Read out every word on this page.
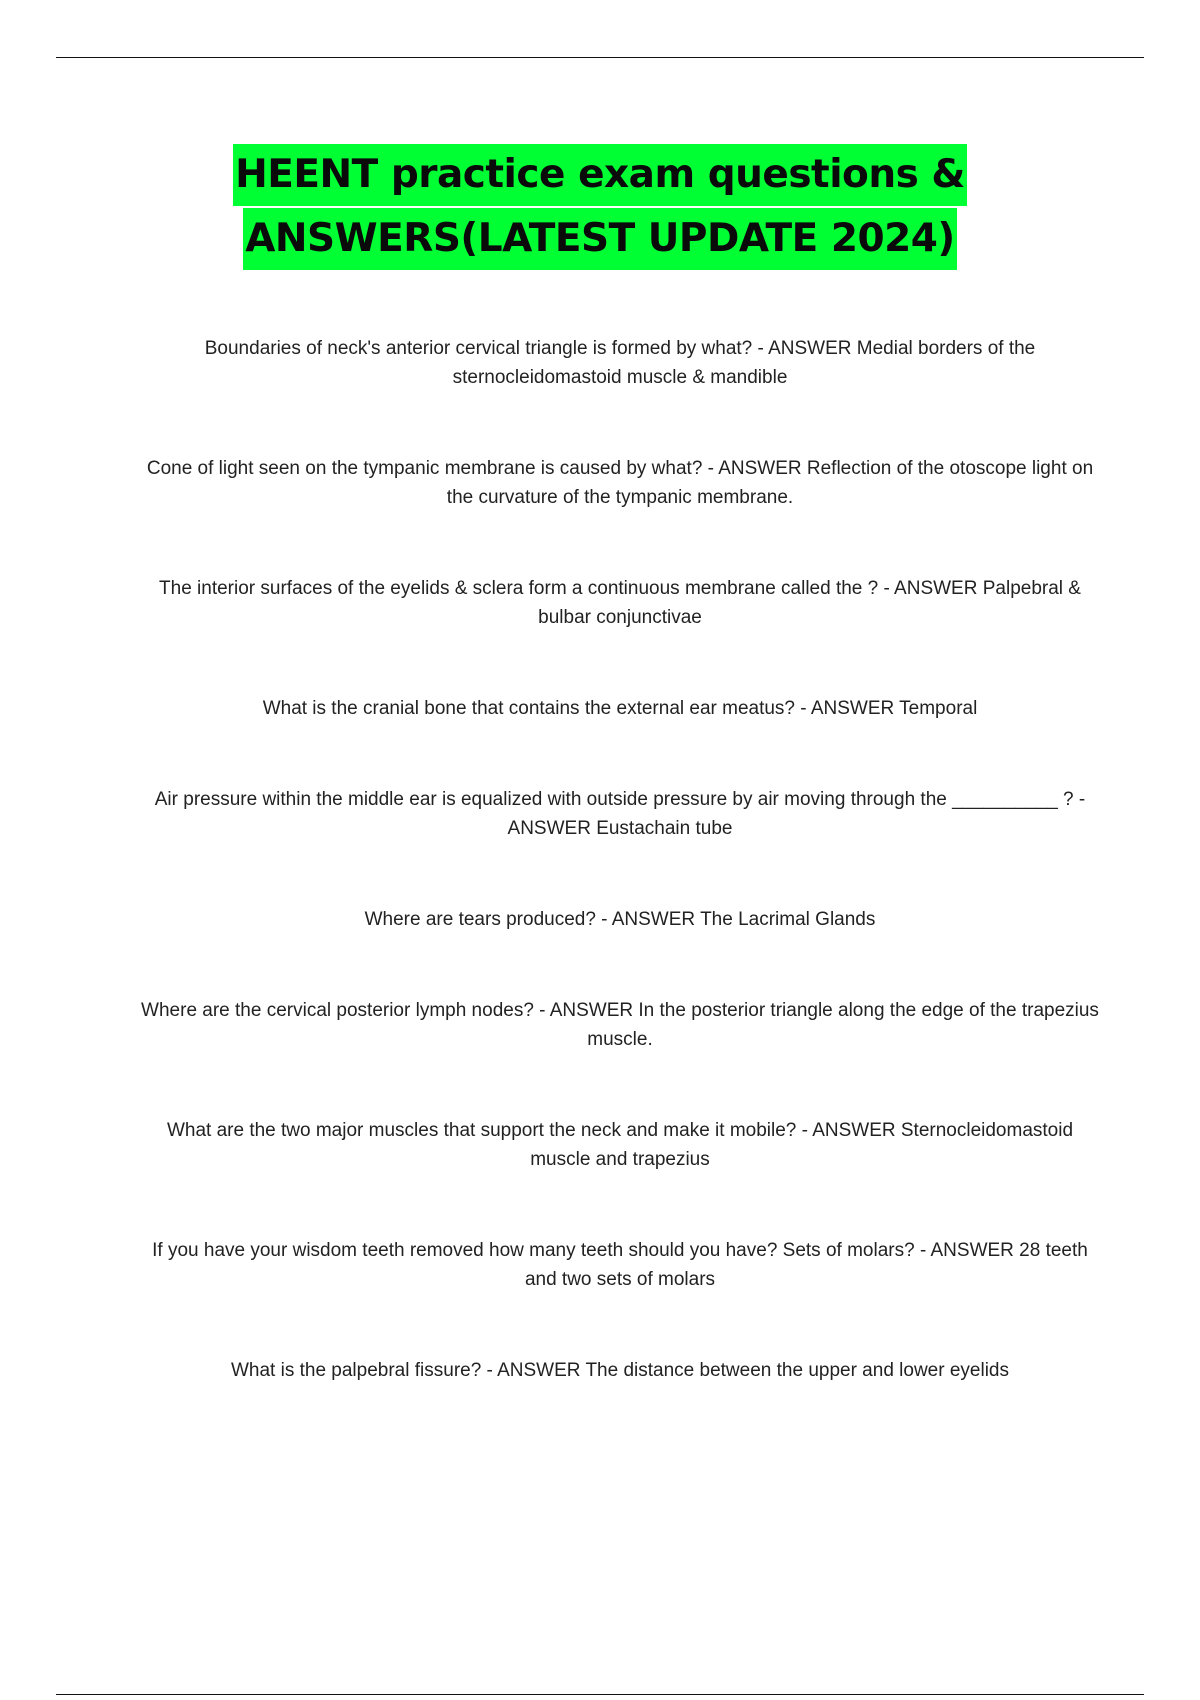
HEENT practice exam questions &
ANSWERS(LATEST UPDATE 2024)

Boundaries of neck's anterior cervical triangle is formed by what? - ANSWER Medial borders of the sternocleidomastoid muscle & mandible

Cone of light seen on the tympanic membrane is caused by what? - ANSWER Reflection of the otoscope light on the curvature of the tympanic membrane.

The interior surfaces of the eyelids & sclera form a continuous membrane called the ? - ANSWER Palpebral & bulbar conjunctivae

What is the cranial bone that contains the external ear meatus? - ANSWER Temporal

Air pressure within the middle ear is equalized with outside pressure by air moving through the __________ ? - ANSWER Eustachain tube

Where are tears produced? - ANSWER The Lacrimal Glands

Where are the cervical posterior lymph nodes? - ANSWER In the posterior triangle along the edge of the trapezius muscle.

What are the two major muscles that support the neck and make it mobile? - ANSWER Sternocleidomastoid muscle and trapezius

If you have your wisdom teeth removed how many teeth should you have? Sets of molars? - ANSWER 28 teeth and two sets of molars

What is the palpebral fissure? - ANSWER The distance between the upper and lower eyelids
